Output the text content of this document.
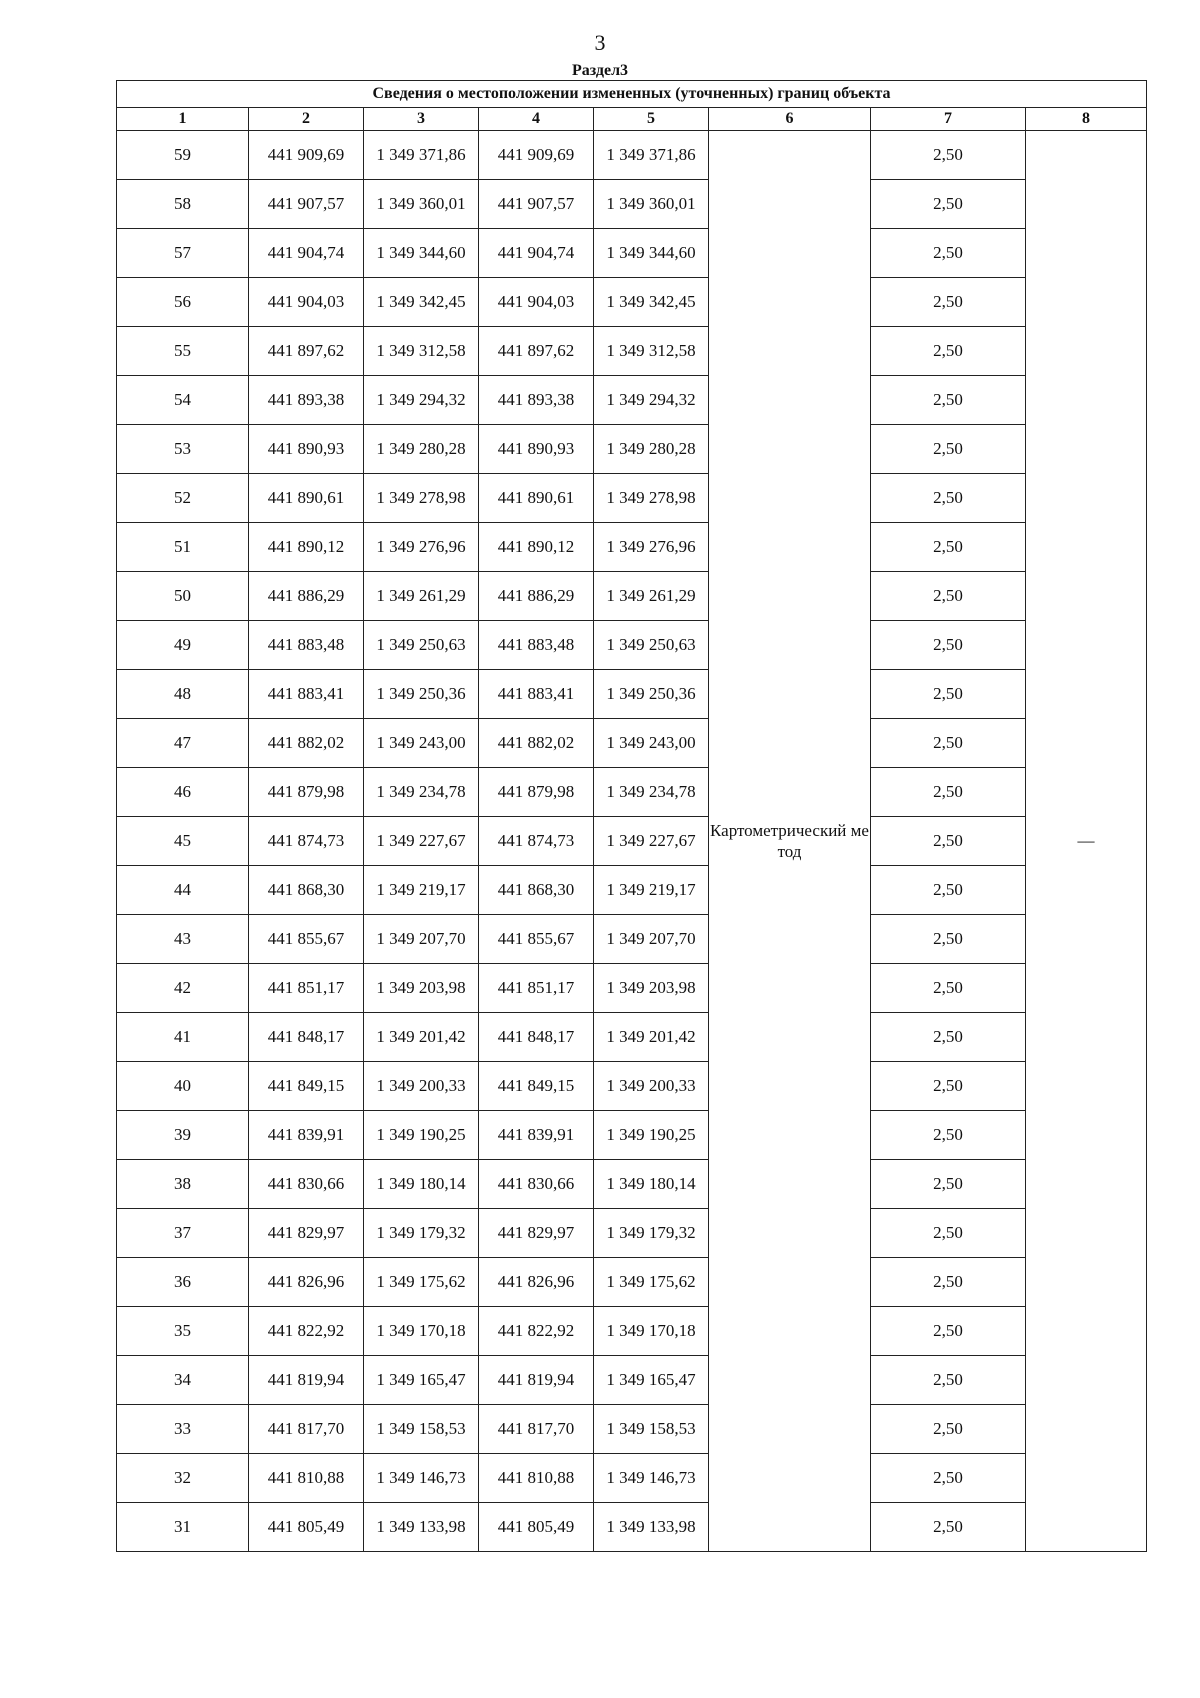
3
Раздел3
Сведения о местоположении измененных (уточненных) границ объекта							
1	2	3	4	5	6	7	8
59	441 909,69	1 349 371,86	441 909,69	1 349 371,86	Картометрический метод	2,50	—
58	441 907,57	1 349 360,01	441 907,57	1 349 360,01		2,50	
57	441 904,74	1 349 344,60	441 904,74	1 349 344,60		2,50	
56	441 904,03	1 349 342,45	441 904,03	1 349 342,45		2,50	
55	441 897,62	1 349 312,58	441 897,62	1 349 312,58		2,50	
54	441 893,38	1 349 294,32	441 893,38	1 349 294,32		2,50	
53	441 890,93	1 349 280,28	441 890,93	1 349 280,28		2,50	
52	441 890,61	1 349 278,98	441 890,61	1 349 278,98		2,50	
51	441 890,12	1 349 276,96	441 890,12	1 349 276,96		2,50	
50	441 886,29	1 349 261,29	441 886,29	1 349 261,29		2,50	
49	441 883,48	1 349 250,63	441 883,48	1 349 250,63		2,50	
48	441 883,41	1 349 250,36	441 883,41	1 349 250,36		2,50	
47	441 882,02	1 349 243,00	441 882,02	1 349 243,00		2,50	
46	441 879,98	1 349 234,78	441 879,98	1 349 234,78		2,50	
45	441 874,73	1 349 227,67	441 874,73	1 349 227,67		2,50	
44	441 868,30	1 349 219,17	441 868,30	1 349 219,17		2,50	
43	441 855,67	1 349 207,70	441 855,67	1 349 207,70		2,50	
42	441 851,17	1 349 203,98	441 851,17	1 349 203,98		2,50	
41	441 848,17	1 349 201,42	441 848,17	1 349 201,42		2,50	
40	441 849,15	1 349 200,33	441 849,15	1 349 200,33		2,50	
39	441 839,91	1 349 190,25	441 839,91	1 349 190,25		2,50	
38	441 830,66	1 349 180,14	441 830,66	1 349 180,14		2,50	
37	441 829,97	1 349 179,32	441 829,97	1 349 179,32		2,50	
36	441 826,96	1 349 175,62	441 826,96	1 349 175,62		2,50	
35	441 822,92	1 349 170,18	441 822,92	1 349 170,18		2,50	
34	441 819,94	1 349 165,47	441 819,94	1 349 165,47		2,50	
33	441 817,70	1 349 158,53	441 817,70	1 349 158,53		2,50	
32	441 810,88	1 349 146,73	441 810,88	1 349 146,73		2,50	
31	441 805,49	1 349 133,98	441 805,49	1 349 133,98		2,50	
